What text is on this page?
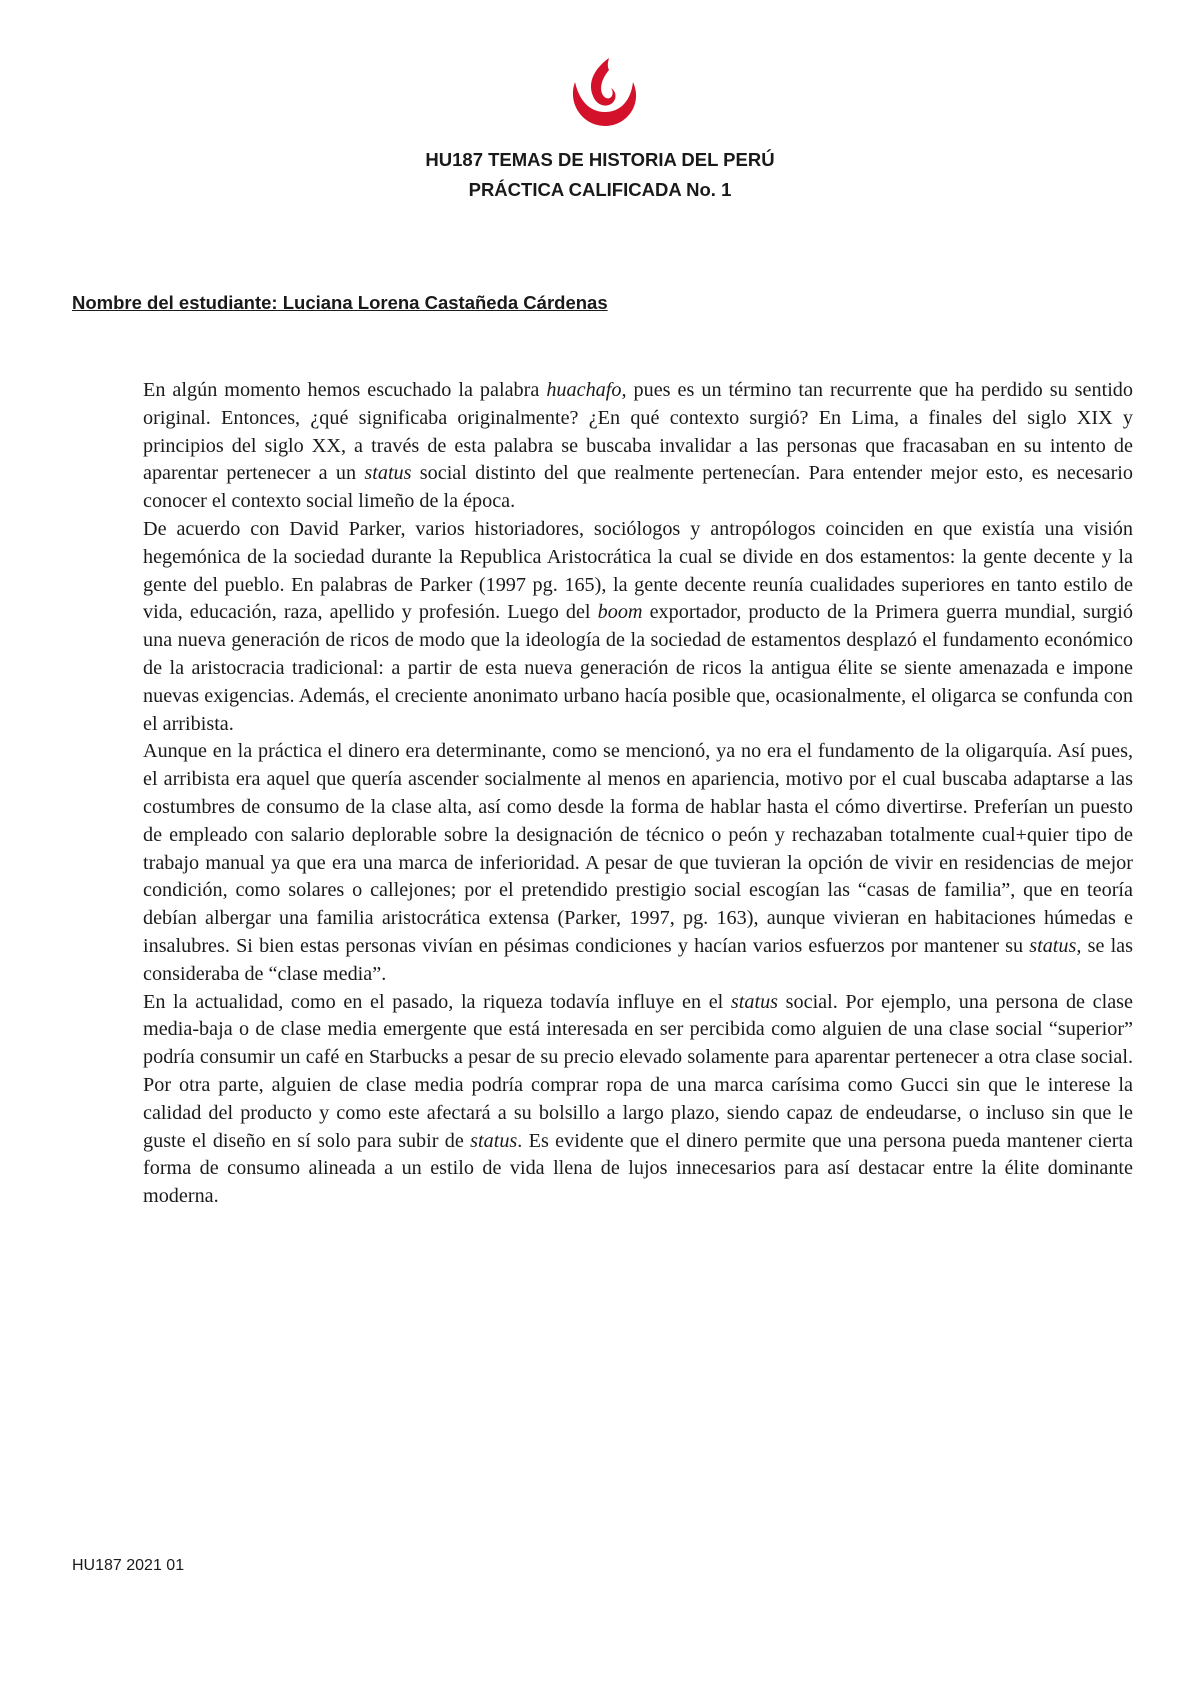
HU187 TEMAS DE HISTORIA DEL PERÚ
PRÁCTICA CALIFICADA No. 1
Nombre del estudiante: Luciana Lorena Castañeda Cárdenas

En algún momento hemos escuchado la palabra huachafo, pues es un término tan recurrente que ha perdido su sentido original. Entonces, ¿qué significaba originalmente? ¿En qué contexto surgió? En Lima, a finales del siglo XIX y principios del siglo XX, a través de esta palabra se buscaba invalidar a las personas que fracasaban en su intento de aparentar pertenecer a un status social distinto del que realmente pertenecían. Para entender mejor esto, es necesario conocer el contexto social limeño de la época.

De acuerdo con David Parker, varios historiadores, sociólogos y antropólogos coinciden en que existía una visión hegemónica de la sociedad durante la Republica Aristocrática la cual se divide en dos estamentos: la gente decente y la gente del pueblo. En palabras de Parker (1997 pg. 165), la gente decente reunía cualidades superiores en tanto estilo de vida, educación, raza, apellido y profesión. Luego del boom exportador, producto de la Primera guerra mundial, surgió una nueva generación de ricos de modo que la ideología de la sociedad de estamentos desplazó el fundamento económico de la aristocracia tradicional: a partir de esta nueva generación de ricos la antigua élite se siente amenazada e impone nuevas exigencias. Además, el creciente anonimato urbano hacía posible que, ocasionalmente, el oligarca se confunda con el arribista.

Aunque en la práctica el dinero era determinante, como se mencionó, ya no era el fundamento de la oligarquía. Así pues, el arribista era aquel que quería ascender socialmente al menos en apariencia, motivo por el cual buscaba adaptarse a las costumbres de consumo de la clase alta, así como desde la forma de hablar hasta el cómo divertirse. Preferían un puesto de empleado con salario deplorable sobre la designación de técnico o peón y rechazaban totalmente cual+quier tipo de trabajo manual ya que era una marca de inferioridad. A pesar de que tuvieran la opción de vivir en residencias de mejor condición, como solares o callejones; por el pretendido prestigio social escogían las “casas de familia”, que en teoría debían albergar una familia aristocrática extensa (Parker, 1997, pg. 163), aunque vivieran en habitaciones húmedas e insalubres. Si bien estas personas vivían en pésimas condiciones y hacían varios esfuerzos por mantener su status, se las consideraba de “clase media”.

En la actualidad, como en el pasado, la riqueza todavía influye en el status social. Por ejemplo, una persona de clase media-baja o de clase media emergente que está interesada en ser percibida como alguien de una clase social “superior” podría consumir un café en Starbucks a pesar de su precio elevado solamente para aparentar pertenecer a otra clase social. Por otra parte, alguien de clase media podría comprar ropa de una marca carísima como Gucci sin que le interese la calidad del producto y como este afectará a su bolsillo a largo plazo, siendo capaz de endeudarse, o incluso sin que le guste el diseño en sí solo para subir de status. Es evidente que el dinero permite que una persona pueda mantener cierta forma de consumo alineada a un estilo de vida llena de lujos innecesarios para así destacar entre la élite dominante moderna.

HU187 2021 01
